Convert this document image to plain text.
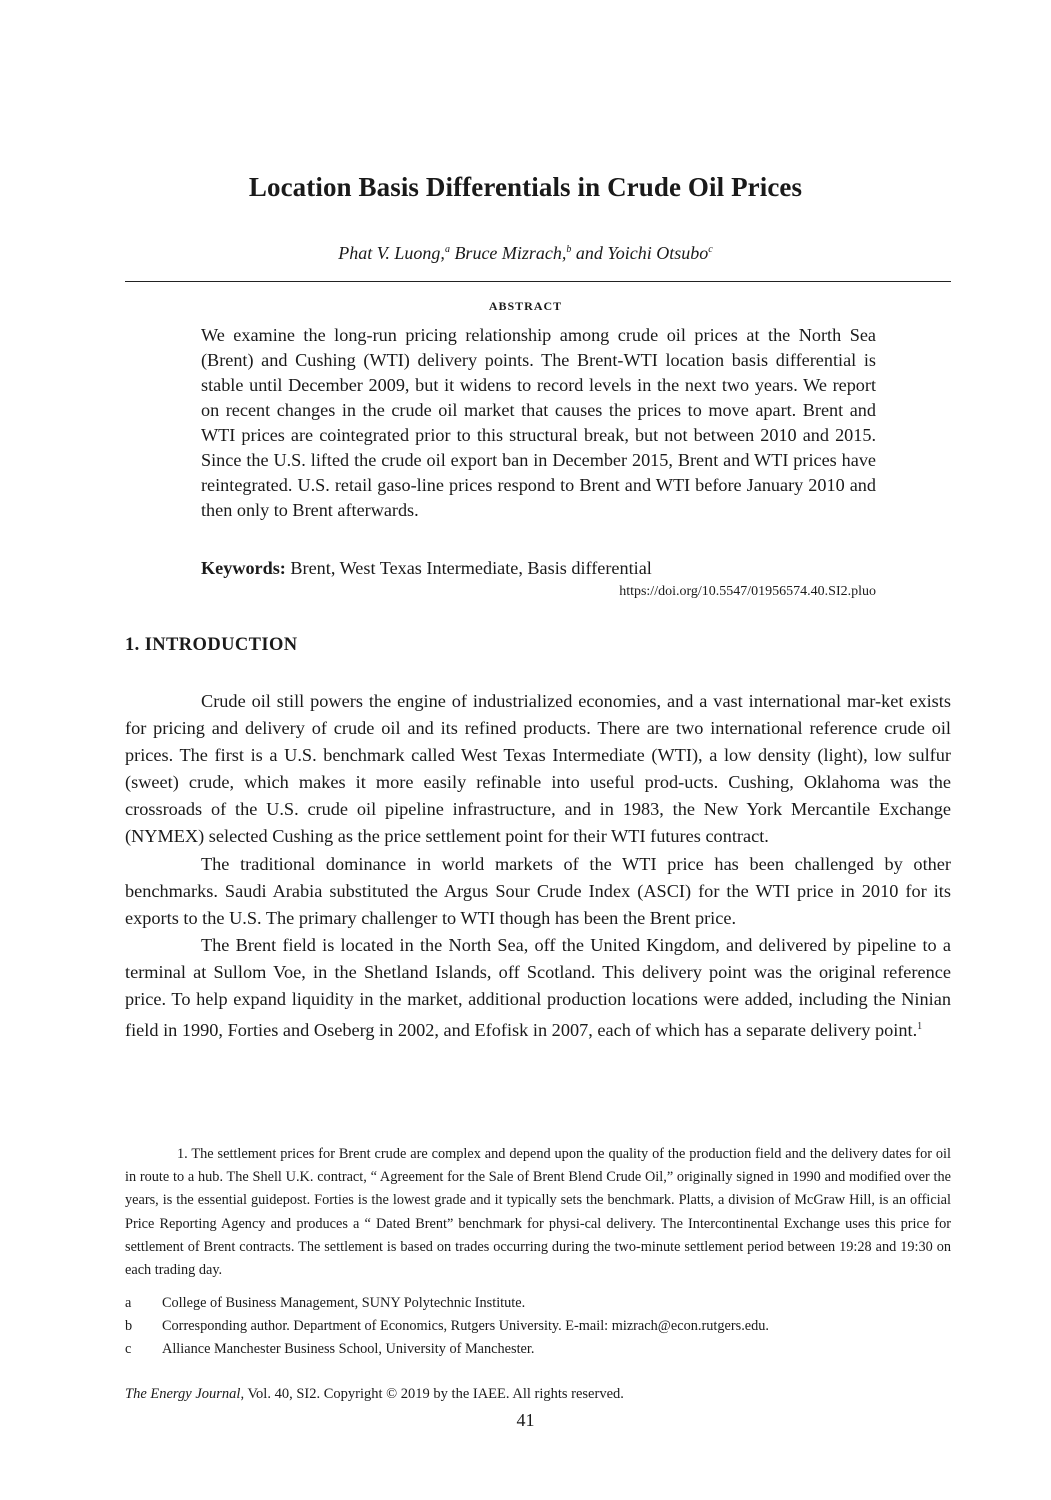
Location Basis Differentials in Crude Oil Prices
Phat V. Luong,$^a$ Bruce Mizrach,$^b$ and Yoichi Otsubo$^c$
ABSTRACT
We examine the long-run pricing relationship among crude oil prices at the North Sea (Brent) and Cushing (WTI) delivery points. The Brent-WTI location basis differential is stable until December 2009, but it widens to record levels in the next two years. We report on recent changes in the crude oil market that causes the prices to move apart. Brent and WTI prices are cointegrated prior to this structural break, but not between 2010 and 2015. Since the U.S. lifted the crude oil export ban in December 2015, Brent and WTI prices have reintegrated. U.S. retail gaso-line prices respond to Brent and WTI before January 2010 and then only to Brent afterwards.
Keywords: Brent, West Texas Intermediate, Basis differential
https://doi.org/10.5547/01956574.40.SI2.pluo
1. INTRODUCTION

Crude oil still powers the engine of industrialized economies, and a vast international mar-ket exists for pricing and delivery of crude oil and its refined products. There are two international reference crude oil prices. The first is a U.S. benchmark called West Texas Intermediate (WTI), a low density (light), low sulfur (sweet) crude, which makes it more easily refinable into useful prod-ucts. Cushing, Oklahoma was the crossroads of the U.S. crude oil pipeline infrastructure, and in 1983, the New York Mercantile Exchange (NYMEX) selected Cushing as the price settlement point for their WTI futures contract.

The traditional dominance in world markets of the WTI price has been challenged by other benchmarks. Saudi Arabia substituted the Argus Sour Crude Index (ASCI) for the WTI price in 2010 for its exports to the U.S. The primary challenger to WTI though has been the Brent price.

The Brent field is located in the North Sea, off the United Kingdom, and delivered by pipeline to a terminal at Sullom Voe, in the Shetland Islands, off Scotland. This delivery point was the original reference price. To help expand liquidity in the market, additional production locations were added, including the Ninian field in 1990, Forties and Oseberg in 2002, and Efofisk in 2007, each of which has a separate delivery point.$^1$

1. The settlement prices for Brent crude are complex and depend upon the quality of the production field and the delivery dates for oil in route to a hub. The Shell U.K. contract, “ Agreement for the Sale of Brent Blend Crude Oil,” originally signed in 1990 and modified over the years, is the essential guidepost. Forties is the lowest grade and it typically sets the benchmark. Platts, a division of McGraw Hill, is an official Price Reporting Agency and produces a “ Dated Brent” benchmark for physi-cal delivery. The Intercontinental Exchange uses this price for settlement of Brent contracts. The settlement is based on trades occurring during the two-minute settlement period between 19:28 and 19:30 on each trading day.
a	College of Business Management, SUNY Polytechnic Institute.
b	Corresponding author. Department of Economics, Rutgers University. E-mail: mizrach@econ.rutgers.edu.
c	Alliance Manchester Business School, University of Manchester.
The Energy Journal, Vol. 40, SI2. Copyright © 2019 by the IAEE. All rights reserved.
41
